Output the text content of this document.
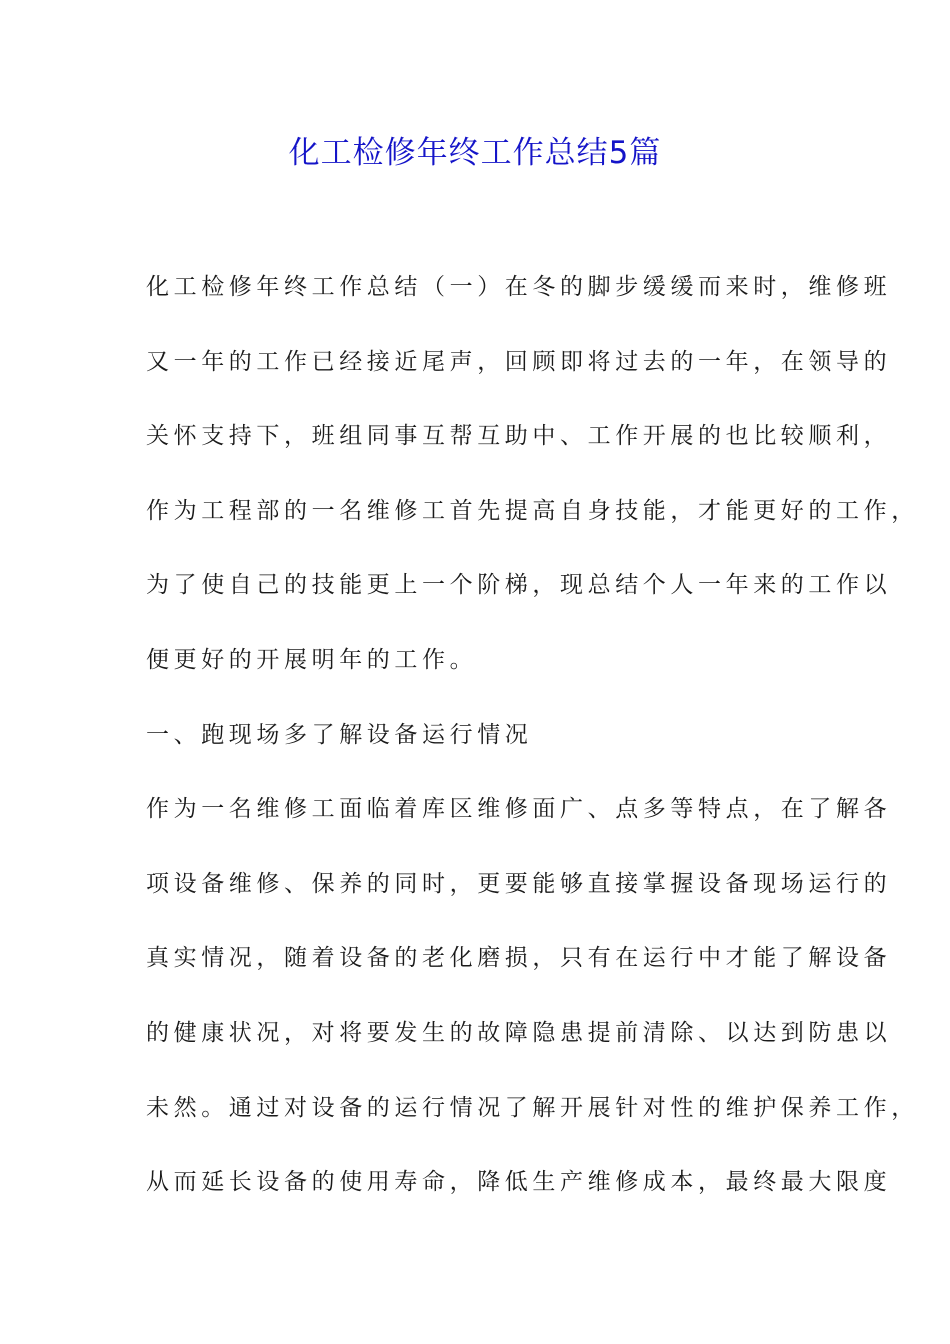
化工检修年终工作总结5篇
化工检修年终工作总结（一）在冬的脚步缓缓而来时，维修班
又一年的工作已经接近尾声，回顾即将过去的一年，在领导的
关怀支持下，班组同事互帮互助中、工作开展的也比较顺利，
作为工程部的一名维修工首先提高自身技能，才能更好的工作，
为了使自己的技能更上一个阶梯，现总结个人一年来的工作以
便更好的开展明年的工作。
一、跑现场多了解设备运行情况
作为一名维修工面临着库区维修面广、点多等特点，在了解各
项设备维修、保养的同时，更要能够直接掌握设备现场运行的
真实情况，随着设备的老化磨损，只有在运行中才能了解设备
的健康状况，对将要发生的故障隐患提前清除、以达到防患以
未然。通过对设备的运行情况了解开展针对性的维护保养工作，
从而延长设备的使用寿命，降低生产维修成本，最终最大限度
